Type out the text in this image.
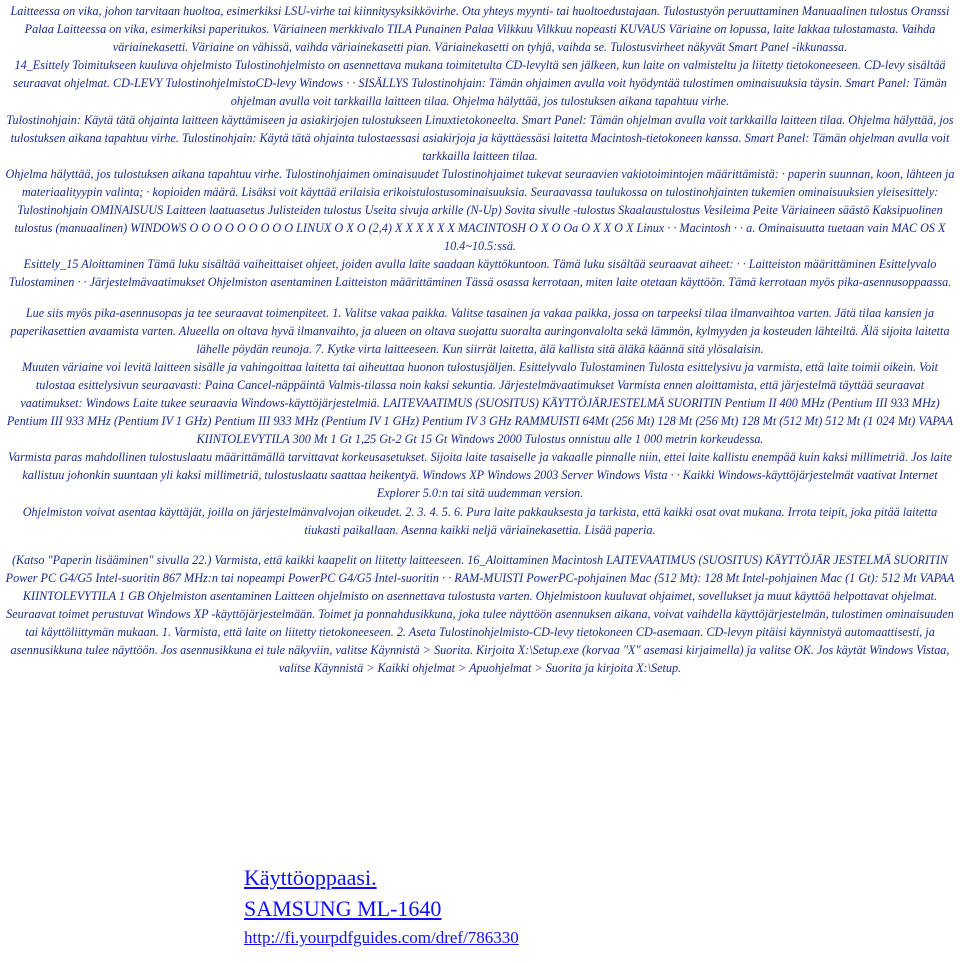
Laitteessa on vika, johon tarvitaan huoltoa, esimerkiksi LSU-virhe tai kiinnitysyksikkövirhe. Ota yhteys myynti- tai huoltoedustajaan. Tulostustyön peruuttaminen Manuaalinen tulostus Oranssi Palaa Laitteessa on vika, esimerkiksi paperitukos. Väriaineen merkkivalo TILA Punainen Palaa Vilkkuu Vilkkuu nopeasti KUVAUS Väriaine on lopussa, laite lakkaa tulostamasta. Vaihda väriainekasetti. Väriaine on vähissä, vaihda väriainekasetti pian. Väriainekasetti on tyhjä, vaihda se. Tulostusvirheet näkyvät Smart Panel -ikkunassa.

14_Esittely Toimitukseen kuuluva ohjelmisto Tulostinohjelmisto on asennettava mukana toimitetulta CD-levyltä sen jälkeen, kun laite on valmisteltu ja liitetty tietokoneeseen. CD-levy sisältää seuraavat ohjelmat. CD-LEVY TulostinohjelmistoCD-levy Windows · · SISÄLLYS Tulostinohjain: Tämän ohjaimen avulla voit hyödyntää tulostimen ominaisuuksia täysin. Smart Panel: Tämän ohjelman avulla voit tarkkailla laitteen tilaa. Ohjelma hälyttää, jos tulostuksen aikana tapahtuu virhe.

Tulostinohjain: Käytä tätä ohjainta laitteen käyttämiseen ja asiakirjojen tulostukseen Linuxtietokoneelta. Smart Panel: Tämän ohjelman avulla voit tarkkailla laitteen tilaa. Ohjelma hälyttää, jos tulostuksen aikana tapahtuu virhe. Tulostinohjain: Käytä tätä ohjainta tulostaessasi asiakirjoja ja käyttäessäsi laitetta Macintosh-tietokoneen kanssa. Smart Panel: Tämän ohjelman avulla voit tarkkailla laitteen tilaa.

Ohjelma hälyttää, jos tulostuksen aikana tapahtuu virhe. Tulostinohjaimen ominaisuudet Tulostinohjaimet tukevat seuraavien vakiotoimintojen määrittämistä: · paperin suunnan, koon, lähteen ja materiaalityypin valinta; · kopioiden määrä. Lisäksi voit käyttää erilaisia erikoistulostusominaisuuksia. Seuraavassa taulukossa on tulostinohjainten tukemien ominaisuuksien yleisesittely: Tulostinohjain OMINAISUUS Laitteen laatuasetus Julisteiden tulostus Useita sivuja arkille (N-Up) Sovita sivulle -tulostus Skaalaustulostus Vesileima Peite Väriaineen säästö Kaksipuolinen tulostus (manuaalinen) WINDOWS O O O O O O O O O LINUX O X O (2,4) X X X X X X MACINTOSH O X O Oa O X X O X Linux · · Macintosh · · a. Ominaisuutta tuetaan vain MAC OS X 10.4~10.5:ssä.

Esittely_15 Aloittaminen Tämä luku sisältää vaiheittaiset ohjeet, joiden avulla laite saadaan käyttökuntoon. Tämä luku sisältää seuraavat aiheet: · · Laitteiston määrittäminen Esittelyvalo Tulostaminen · · Järjestelmävaatimukset Ohjelmiston asentaminen Laitteiston määrittäminen Tässä osassa kerrotaan, miten laite otetaan käyttöön. Tämä kerrotaan myös pika-asennusoppaassa.

Lue siis myös pika-asennusopas ja tee seuraavat toimenpiteet. 1. Valitse vakaa paikka. Valitse tasainen ja vakaa paikka, jossa on tarpeeksi tilaa ilmanvaihtoa varten. Jätä tilaa kansien ja paperikasettien avaamista varten. Alueella on oltava hyvä ilmanvaihto, ja alueen on oltava suojattu suoralta auringonvalolta sekä lämmön, kylmyyden ja kosteuden lähteiltä. Älä sijoita laitetta lähelle pöydän reunoja. 7. Kytke virta laitteeseen. Kun siirrät laitetta, älä kallista sitä äläkä käännä sitä ylösalaisin.

Muuten väriaine voi levitä laitteen sisälle ja vahingoittaa laitetta tai aiheuttaa huonon tulostusjäljen. Esittelyvalo Tulostaminen Tulosta esittelysivu ja varmista, että laite toimii oikein. Voit tulostaa esittelysivun seuraavasti: Paina Cancel-näppäintä Valmis-tilassa noin kaksi sekuntia. Järjestelmävaatimukset Varmista ennen aloittamista, että järjestelmä täyttää seuraavat vaatimukset: Windows Laite tukee seuraavia Windows-käyttöjärjestelmiä. LAITEVAATIMUS (SUOSITUS) KÄYTTÖJÄRJESTELMÄ SUORITIN Pentium II 400 MHz (Pentium III 933 MHz) Pentium III 933 MHz (Pentium IV 1 GHz) Pentium III 933 MHz (Pentium IV 1 GHz) Pentium IV 3 GHz RAMMUISTI 64Mt (256 Mt) 128 Mt (256 Mt) 128 Mt (512 Mt) 512 Mt (1 024 Mt) VAPAA KIINTOLEVYTILA 300 Mt 1 Gt 1,25 Gt-2 Gt 15 Gt Windows 2000 Tulostus onnistuu alle 1 000 metrin korkeudessa.

Varmista paras mahdollinen tulostuslaatu määrittämällä tarvittavat korkeusasetukset. Sijoita laite tasaiselle ja vakaalle pinnalle niin, ettei laite kallistu enempää kuin kaksi millimetriä. Jos laite kallistuu johonkin suuntaan yli kaksi millimetriä, tulostuslaatu saattaa heikentyä. Windows XP Windows 2003 Server Windows Vista · · Kaikki Windows-käyttöjärjestelmät vaativat Internet Explorer 5.0:n tai sitä uudemman version.

Ohjelmiston voivat asentaa käyttäjät, joilla on järjestelmänvalvojan oikeudet. 2. 3. 4. 5. 6. Pura laite pakkauksesta ja tarkista, että kaikki osat ovat mukana. Irrota teipit, joka pitää laitetta tiukasti paikallaan. Asenna kaikki neljä väriainekasettia. Lisää paperia.

(Katso "Paperin lisääminen" sivulla 22.) Varmista, että kaikki kaapelit on liitetty laitteeseen. 16_Aloittaminen Macintosh LAITEVAATIMUS (SUOSITUS) KÄYTTÖJÄR JESTELMÄ SUORITIN Power PC G4/G5 Intel-suoritin 867 MHz:n tai nopeampi PowerPC G4/G5 Intel-suoritin · · RAM-MUISTI PowerPC-pohjainen Mac (512 Mt): 128 Mt Intel-pohjainen Mac (1 Gt): 512 Mt VAPAA KIINTOLEVYTILA 1 GB Ohjelmiston asentaminen Laitteen ohjelmisto on asennettava tulostusta varten. Ohjelmistoon kuuluvat ohjaimet, sovellukset ja muut käyttöä helpottavat ohjelmat. Seuraavat toimet perustuvat Windows XP -käyttöjärjestelmään. Toimet ja ponnahdusikkuna, joka tulee näyttöön asennuksen aikana, voivat vaihdella käyttöjärjestelmän, tulostimen ominaisuuden tai käyttöliittymän mukaan. 1. Varmista, että laite on liitetty tietokoneeseen. 2. Aseta Tulostinohjelmisto-CD-levy tietokoneen CD-asemaan. CD-levyn pitäisi käynnistyä automaattisesti, ja asennusikkuna tulee näyttöön. Jos asennusikkuna ei tule näkyviin, valitse Käynnistä > Suorita. Kirjoita X:\Setup.exe (korvaa "X" asemasi kirjaimella) ja valitse OK. Jos käytät Windows Vistaa, valitse Käynnistä > Kaikki ohjelmat > Apuohjelmat > Suorita ja kirjoita X:\Setup.

Käyttöoppaasi.
SAMSUNG ML-1640
http://fi.yourpdfguides.com/dref/786330
